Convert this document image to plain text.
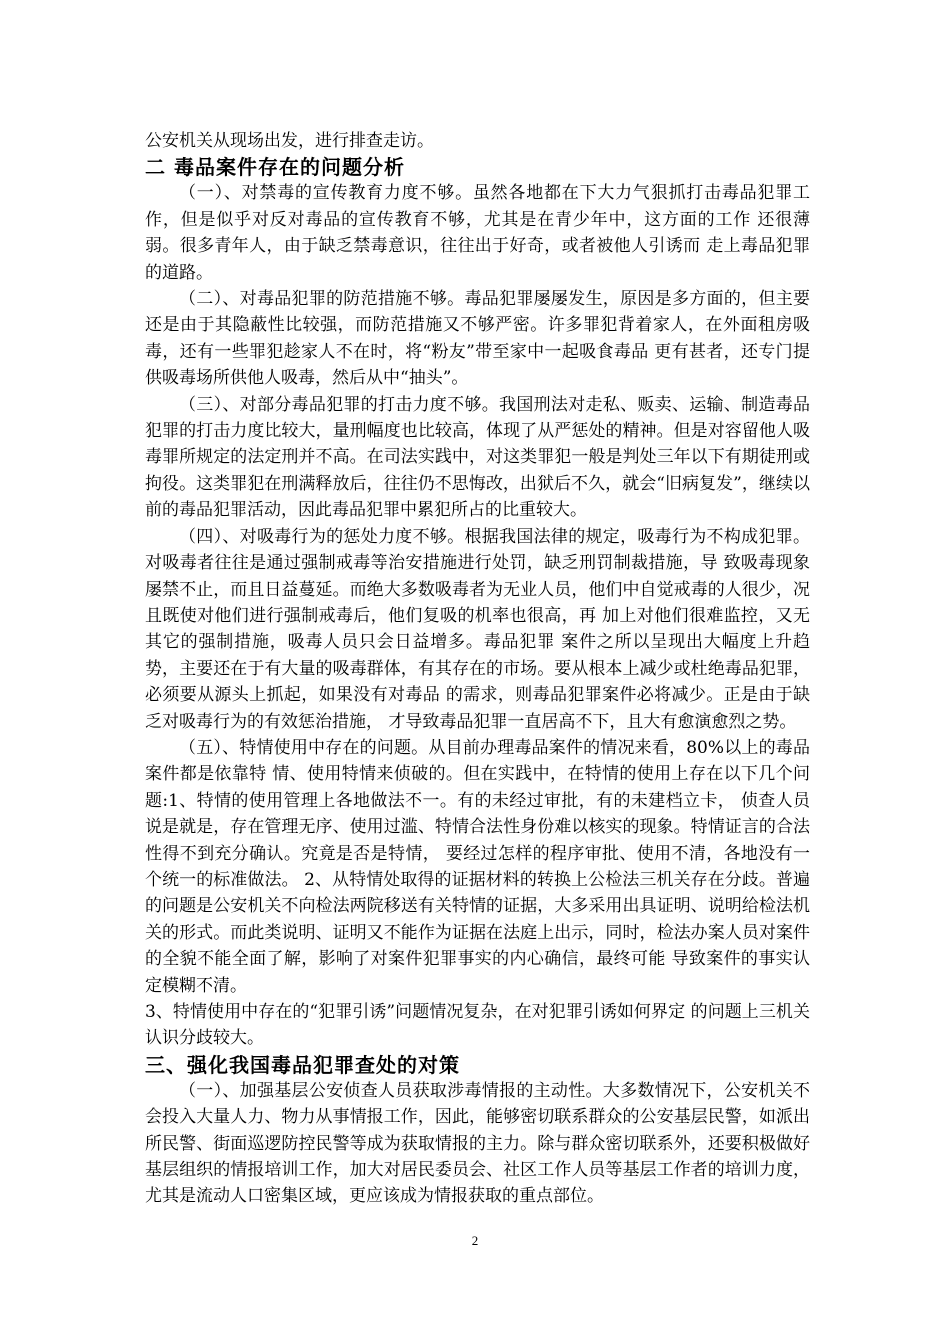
公安机关从现场出发，进行排查走访。

二 毒品案件存在的问题分析

（一）、对禁毒的宣传教育力度不够。虽然各地都在下大力气狠抓打击毒品犯罪工作，但是似乎对反对毒品的宣传教育不够，尤其是在青少年中，这方面的工作 还很薄弱。很多青年人，由于缺乏禁毒意识，往往出于好奇，或者被他人引诱而 走上毒品犯罪的道路。

（二）、对毒品犯罪的防范措施不够。毒品犯罪屡屡发生，原因是多方面的，但主要还是由于其隐蔽性比较强，而防范措施又不够严密。许多罪犯背着家人，在外面租房吸毒，还有一些罪犯趁家人不在时，将“粉友”带至家中一起吸食毒品 更有甚者，还专门提供吸毒场所供他人吸毒，然后从中“抽头”。

（三）、对部分毒品犯罪的打击力度不够。我国刑法对走私、贩卖、运输、制造毒品犯罪的打击力度比较大，量刑幅度也比较高，体现了从严惩处的精神。但是对容留他人吸毒罪所规定的法定刑并不高。在司法实践中，对这类罪犯一般是判处三年以下有期徒刑或拘役。这类罪犯在刑满释放后，往往仍不思悔改，出狱后不久，就会“旧病复发”，继续以前的毒品犯罪活动，因此毒品犯罪中累犯所占的比重较大。

（四）、对吸毒行为的惩处力度不够。根据我国法律的规定，吸毒行为不构成犯罪。对吸毒者往往是通过强制戒毒等治安措施进行处罚，缺乏刑罚制裁措施，导 致吸毒现象屡禁不止，而且日益蔓延。而绝大多数吸毒者为无业人员，他们中自觉戒毒的人很少，况且既使对他们进行强制戒毒后，他们复吸的机率也很高，再 加上对他们很难监控，又无其它的强制措施，吸毒人员只会日益增多。毒品犯罪 案件之所以呈现出大幅度上升趋势，主要还在于有大量的吸毒群体，有其存在的市场。要从根本上减少或杜绝毒品犯罪，必须要从源头上抓起，如果没有对毒品 的需求，则毒品犯罪案件必将减少。正是由于缺乏对吸毒行为的有效惩治措施， 才导致毒品犯罪一直居高不下，且大有愈演愈烈之势。

（五）、特情使用中存在的问题。从目前办理毒品案件的情况来看，80%以上的毒品案件都是依靠特 情、使用特情来侦破的。但在实践中，在特情的使用上存在以下几个问题:1、特情的使用管理上各地做法不一。有的未经过审批，有的未建档立卡， 侦查人员说是就是，存在管理无序、使用过滥、特情合法性身份难以核实的现象。特情证言的合法性得不到充分确认。究竟是否是特情， 要经过怎样的程序审批、使用不清，各地没有一个统一的标准做法。 2、从特情处取得的证据材料的转换上公检法三机关存在分歧。普遍的问题是公安机关不向检法两院移送有关特情的证据，大多采用出具证明、说明给检法机关的形式。而此类说明、证明又不能作为证据在法庭上出示，同时，检法办案人员对案件的全貌不能全面了解，影响了对案件犯罪事实的内心确信，最终可能 导致案件的事实认定模糊不清。

3、特情使用中存在的“犯罪引诱”问题情况复杂，在对犯罪引诱如何界定 的问题上三机关认识分歧较大。

三、强化我国毒品犯罪查处的对策

（一）、加强基层公安侦查人员获取涉毒情报的主动性。大多数情况下，公安机关不会投入大量人力、物力从事情报工作，因此，能够密切联系群众的公安基层民警，如派出所民警、街面巡逻防控民警等成为获取情报的主力。除与群众密切联系外，还要积极做好基层组织的情报培训工作，加大对居民委员会、社区工作人员等基层工作者的培训力度，尤其是流动人口密集区域，更应该成为情报获取的重点部位。

2
